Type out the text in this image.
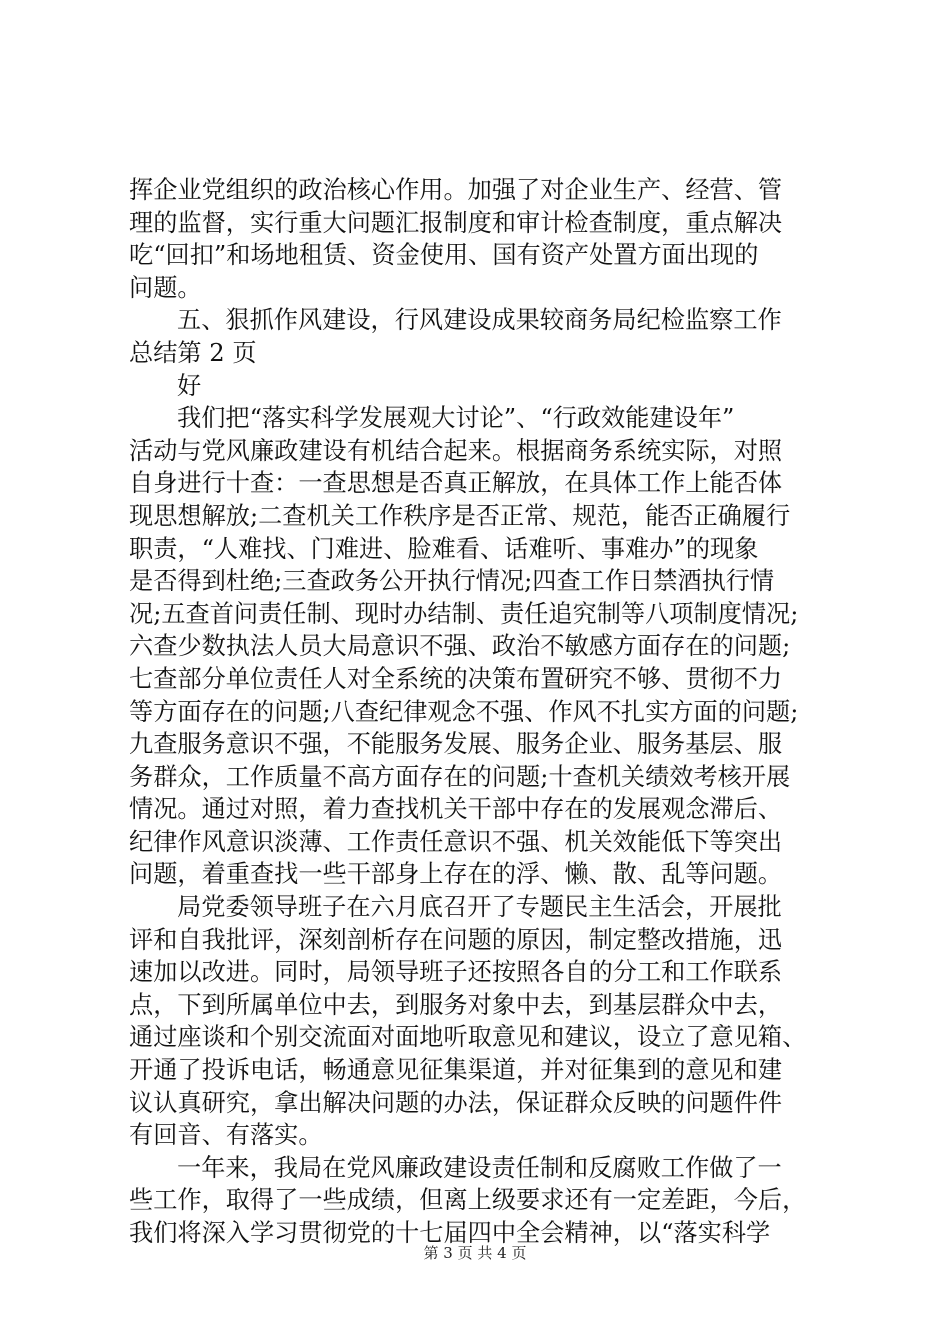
挥企业党组织的政治核心作用。加强了对企业生产、经营、管

理的监督，实行重大问题汇报制度和审计检查制度，重点解决

吃“回扣”和场地租赁、资金使用、国有资产处置方面出现的

问题。

五、狠抓作风建设，行风建设成果较商务局纪检监察工作

总结第 2 页

好

我们把“落实科学发展观大讨论”、“行政效能建设年”

活动与党风廉政建设有机结合起来。根据商务系统实际，对照

自身进行十查：一查思想是否真正解放，在具体工作上能否体

现思想解放;二查机关工作秩序是否正常、规范，能否正确履行

职责，“人难找、门难进、脸难看、话难听、事难办”的现象

是否得到杜绝;三查政务公开执行情况;四查工作日禁酒执行情

况;五查首问责任制、现时办结制、责任追究制等八项制度情况;

六查少数执法人员大局意识不强、政治不敏感方面存在的问题;

七查部分单位责任人对全系统的决策布置研究不够、贯彻不力

等方面存在的问题;八查纪律观念不强、作风不扎实方面的问题;

九查服务意识不强，不能服务发展、服务企业、服务基层、服

务群众，工作质量不高方面存在的问题;十查机关绩效考核开展

情况。通过对照，着力查找机关干部中存在的发展观念滞后、

纪律作风意识淡薄、工作责任意识不强、机关效能低下等突出

问题，着重查找一些干部身上存在的浮、懒、散、乱等问题。

局党委领导班子在六月底召开了专题民主生活会，开展批

评和自我批评，深刻剖析存在问题的原因，制定整改措施，迅

速加以改进。同时，局领导班子还按照各自的分工和工作联系

点，下到所属单位中去，到服务对象中去，到基层群众中去，

通过座谈和个别交流面对面地听取意见和建议，设立了意见箱、

开通了投诉电话，畅通意见征集渠道，并对征集到的意见和建

议认真研究，拿出解决问题的办法，保证群众反映的问题件件

有回音、有落实。

一年来，我局在党风廉政建设责任制和反腐败工作做了一

些工作，取得了一些成绩，但离上级要求还有一定差距，今后，

我们将深入学习贯彻党的十七届四中全会精神，以“落实科学

第 3 页 共 4 页
